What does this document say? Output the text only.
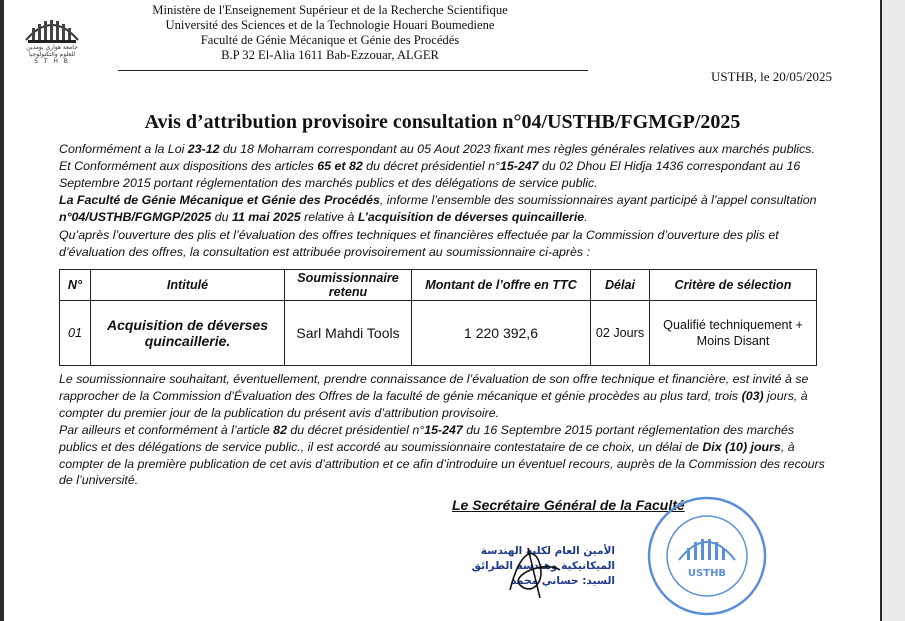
جامعة هواري بومدين للعلوم والتكنولوجيا
S T H B
Ministère de l'Enseignement Supérieur et de la Recherche Scientifique
Université des Sciences et de la Technologie Houari Boumediene
Faculté de Génie Mécanique et Génie des Procédés
B.P 32 El-Alia 1611 Bab-Ezzouar, ALGER
USTHB, le 20/05/2025
Avis d’attribution provisoire consultation n°04/USTHB/FGMGP/2025

Conformément a la Loi 23-12 du 18 Moharram correspondant au 05 Aout 2023 fixant mes règles générales relatives aux marchés publics.

Et Conformément aux dispositions des articles 65 et 82 du décret présidentiel n°15-247 du 02 Dhou El Hidja 1436 correspondant au 16 Septembre 2015 portant réglementation des marchés publics et des délégations de service public.

La Faculté de Génie Mécanique et Génie des Procédés, informe l’ensemble des soumissionnaires ayant participé à l’appel consultation n°04/USTHB/FGMGP/2025 du 11 mai 2025 relative à L’acquisition de déverses quincaillerie.

Qu’après l’ouverture des plis et l’évaluation des offres techniques et financières effectuée par la Commission d’ouverture des plis et d’évaluation des offres, la consultation est attribuée provisoirement au soumissionnaire ci-après :

N°	Intitulé	Soumissionnaire retenu	Montant de l’offre en TTC	Délai	Critère de sélection
01	Acquisition de déverses quincaillerie.	Sarl Mahdi Tools	1 220 392,6	02 Jours	Qualifié techniquement + Moins Disant

Le soumissionnaire souhaitant, éventuellement, prendre connaissance de l’évaluation de son offre technique et financière, est invité à se rapprocher de la Commission d’Évaluation des Offres de la faculté de génie mécanique et génie procèdes au plus tard, trois (03) jours, à compter du premier jour de la publication du présent avis d’attribution provisoire.

Par ailleurs et conformément à l’article 82 du décret présidentiel n°15-247 du 16 Septembre 2015 portant réglementation des marchés publics et des délégations de service public., il est accordé au soumissionnaire contestataire de ce choix, un délai de Dix (10) jours, à compter de la première publication de cet avis d’attribution et ce afin d’introduire un éventuel recours, auprès de la Commission des recours de l’université.

Le Secrétaire Général de la Faculté
الأمين العام لكلية الهندسة
الميكانيكية وهندسة الطرائق
السيد: حساني محمد
USTHB
